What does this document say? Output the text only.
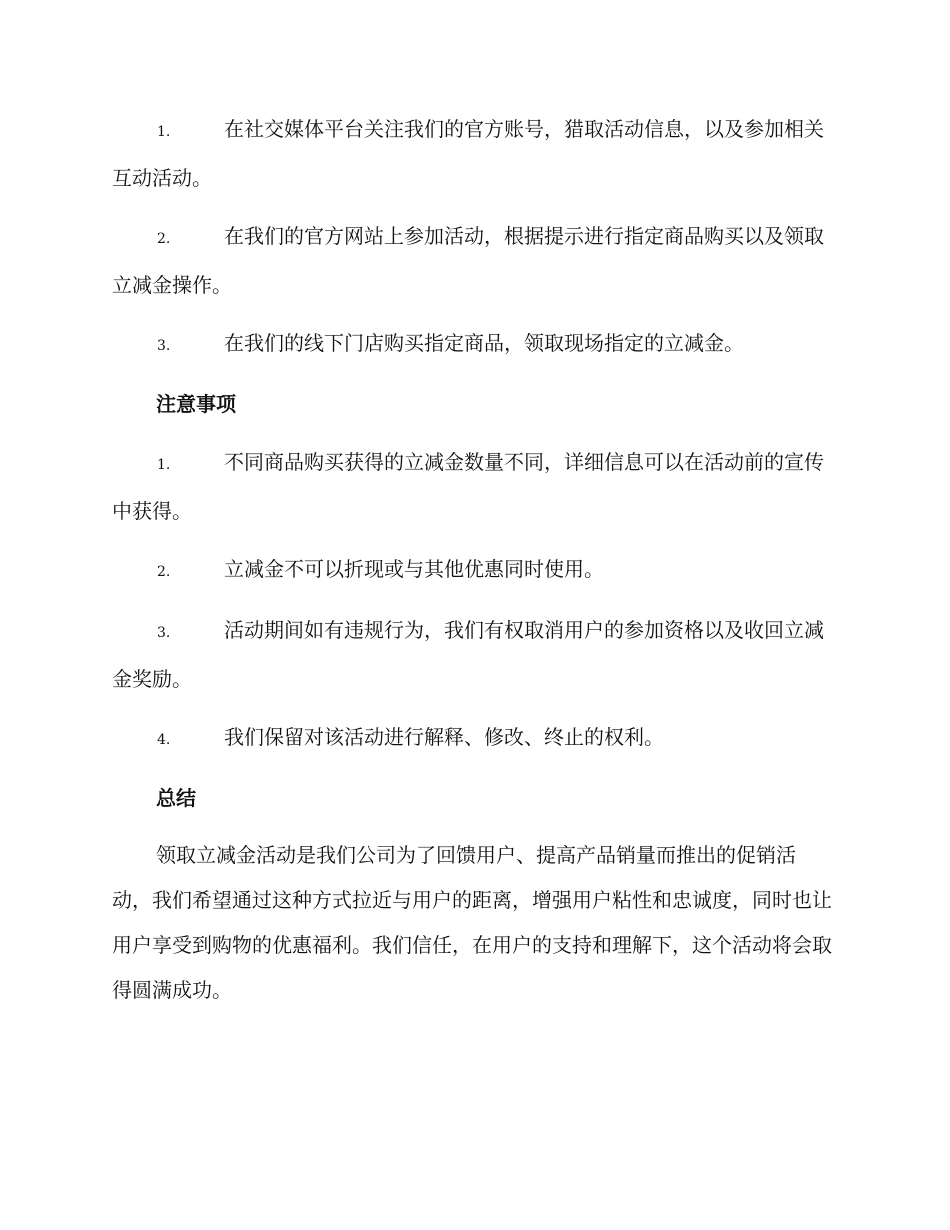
1.	在社交媒体平台关注我们的官方账号，猎取活动信息，以及参加相关互动活动。

2.	在我们的官方网站上参加活动，根据提示进行指定商品购买以及领取立减金操作。

3.	在我们的线下门店购买指定商品，领取现场指定的立减金。

注意事项

1.	不同商品购买获得的立减金数量不同，详细信息可以在活动前的宣传中获得。

2.	立减金不可以折现或与其他优惠同时使用。

3.	活动期间如有违规行为，我们有权取消用户的参加资格以及收回立减金奖励。

4.	我们保留对该活动进行解释、修改、终止的权利。

总结

领取立减金活动是我们公司为了回馈用户、提高产品销量而推出的促销活动，我们希望通过这种方式拉近与用户的距离，增强用户粘性和忠诚度，同时也让用户享受到购物的优惠福利。我们信任，在用户的支持和理解下，这个活动将会取得圆满成功。
